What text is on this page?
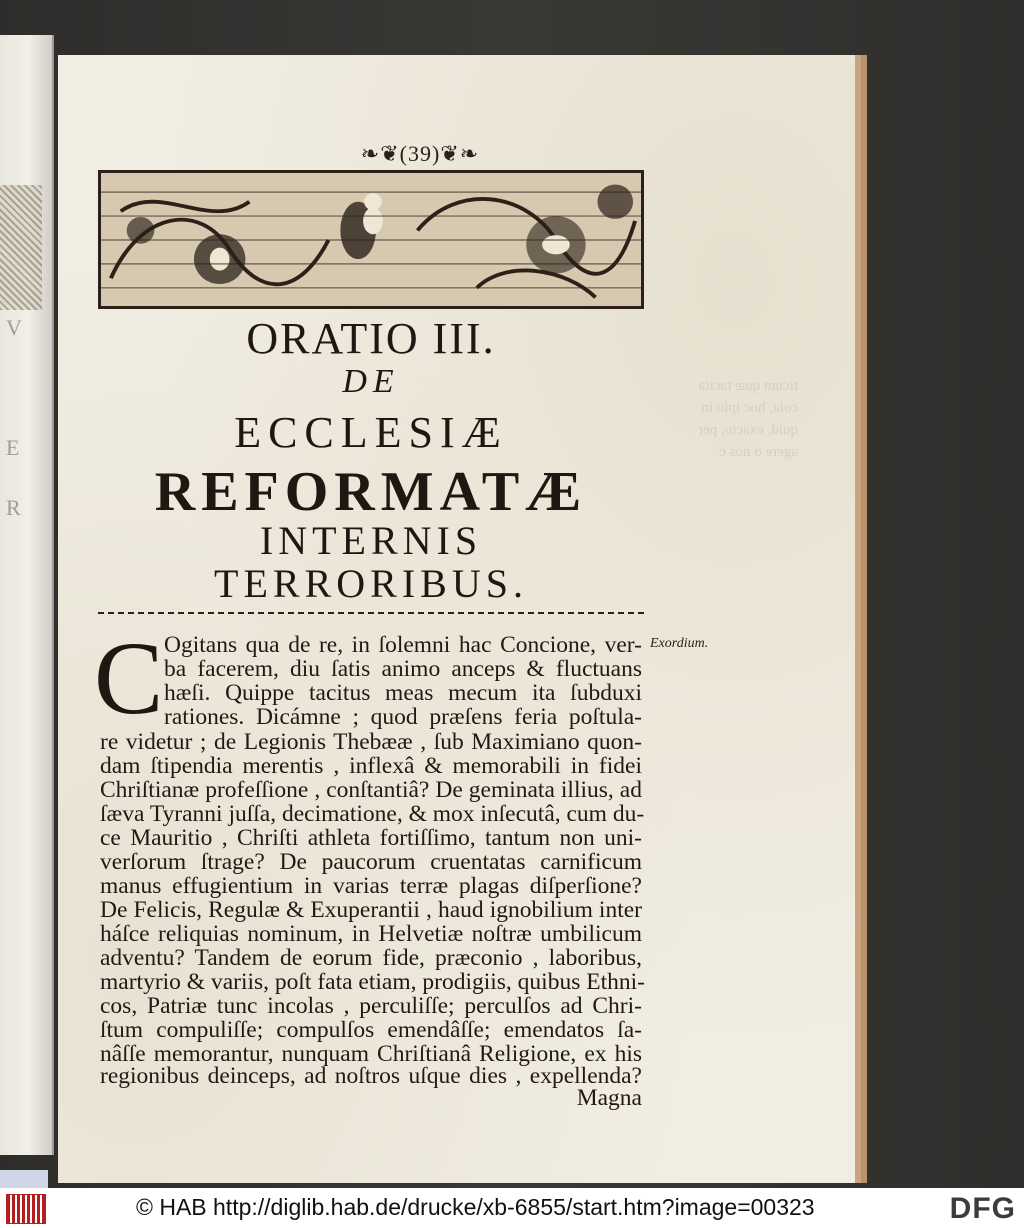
V
E
R
ticum quæ tacita
coſa, hoc ipſo in
quid, exacto, per
agere o nos c

❧❦(39)❦❧
ORATIO III.
DE
ECCLESIÆ
REFORMATÆ
INTERNIS
TERRORIBUS.
C	Exordium.
Ogitans qua de re, in ſolemni hac Concione, ver-
ba facerem, diu ſatis animo anceps & fluctuans
hæſi. Quippe tacitus meas mecum ita ſubduxi
rationes. Dicámne ; quod præſens feria poſtula-
re videtur ; de Legionis Thebææ , ſub Maximiano quon-
dam ſtipendia merentis , inflexâ & memorabili in fidei
Chriſtianæ profeſſione , conſtantiâ? De geminata illius, ad
ſæva Tyranni juſſa, decimatione, & mox inſecutâ, cum du-
ce Mauritio , Chriſti athleta fortiſſimo, tantum non uni-
verſorum ſtrage? De paucorum cruentatas carnificum
manus effugientium in varias terræ plagas diſperſione?
De Felicis, Regulæ & Exuperantii , haud ignobilium inter
háſce reliquias nominum, in Helvetiæ noſtræ umbilicum
adventu? Tandem de eorum fide, præconio , laboribus,
martyrio & variis, poſt fata etiam, prodigiis, quibus Ethni-
cos, Patriæ tunc incolas , perculiſſe; perculſos ad Chri-
ſtum compuliſſe; compulſos emendâſſe; emendatos ſa-
nâſſe memorantur, nunquam Chriſtianâ Religione, ex his
regionibus deinceps, ad noſtros uſque dies , expellenda?
Magna
© HAB http://diglib.hab.de/drucke/xb-6855/start.htm?image=00323	DFG
